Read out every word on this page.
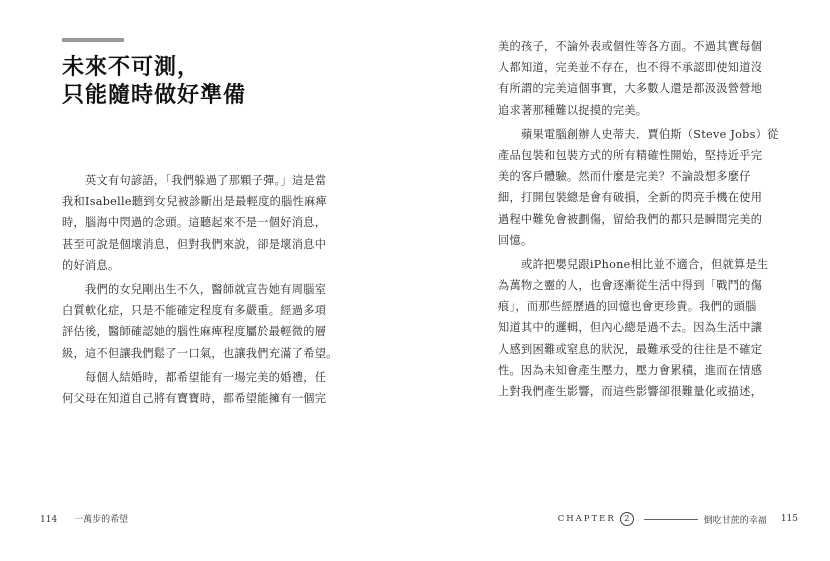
未來不可測，
只能隨時做好準備
　　英文有句諺語，「我們躲過了那顆子彈。」這是當
我和Isabelle聽到女兒被診斷出是最輕度的腦性麻痺
時，腦海中閃過的念頭。這聽起來不是一個好消息，
甚至可說是個壞消息，但對我們來說，卻是壞消息中
的好消息。
　　我們的女兒剛出生不久，醫師就宣告她有周腦室
白質軟化症，只是不能確定程度有多嚴重。經過多項
評估後，醫師確認她的腦性麻痺程度屬於最輕微的層
級，這不但讓我們鬆了一口氣，也讓我們充滿了希望。
　　每個人結婚時，都希望能有一場完美的婚禮，任
何父母在知道自己將有寶寶時，都希望能擁有一個完
114 一萬步的希望
美的孩子，不論外表或個性等各方面。不過其實每個
人都知道，完美並不存在，也不得不承認即使知道沒
有所謂的完美這個事實，大多數人還是都汲汲營營地
追求著那種難以捉摸的完美。
　　蘋果電腦創辦人史蒂夫．賈伯斯（Steve Jobs）從
產品包裝和包裝方式的所有精確性開始，堅持近乎完
美的客戶體驗。然而什麼是完美？不論設想多麼仔
細，打開包裝總是會有破損，全新的閃亮手機在使用
過程中難免會被劃傷，留給我們的都只是瞬間完美的
回憶。
　　或許把嬰兒跟iPhone相比並不適合，但就算是生
為萬物之靈的人，也會逐漸從生活中得到「戰鬥的傷
痕」，而那些經歷過的回憶也會更珍貴。我們的頭腦
知道其中的邏輯，但內心總是過不去。因為生活中讓
人感到困難或窒息的狀況，最難承受的往往是不確定
性。因為未知會產生壓力，壓力會累積，進而在情感
上對我們產生影響，而這些影響卻很難量化或描述，
CHAPTER	2	倒吃甘蔗的幸福 115
